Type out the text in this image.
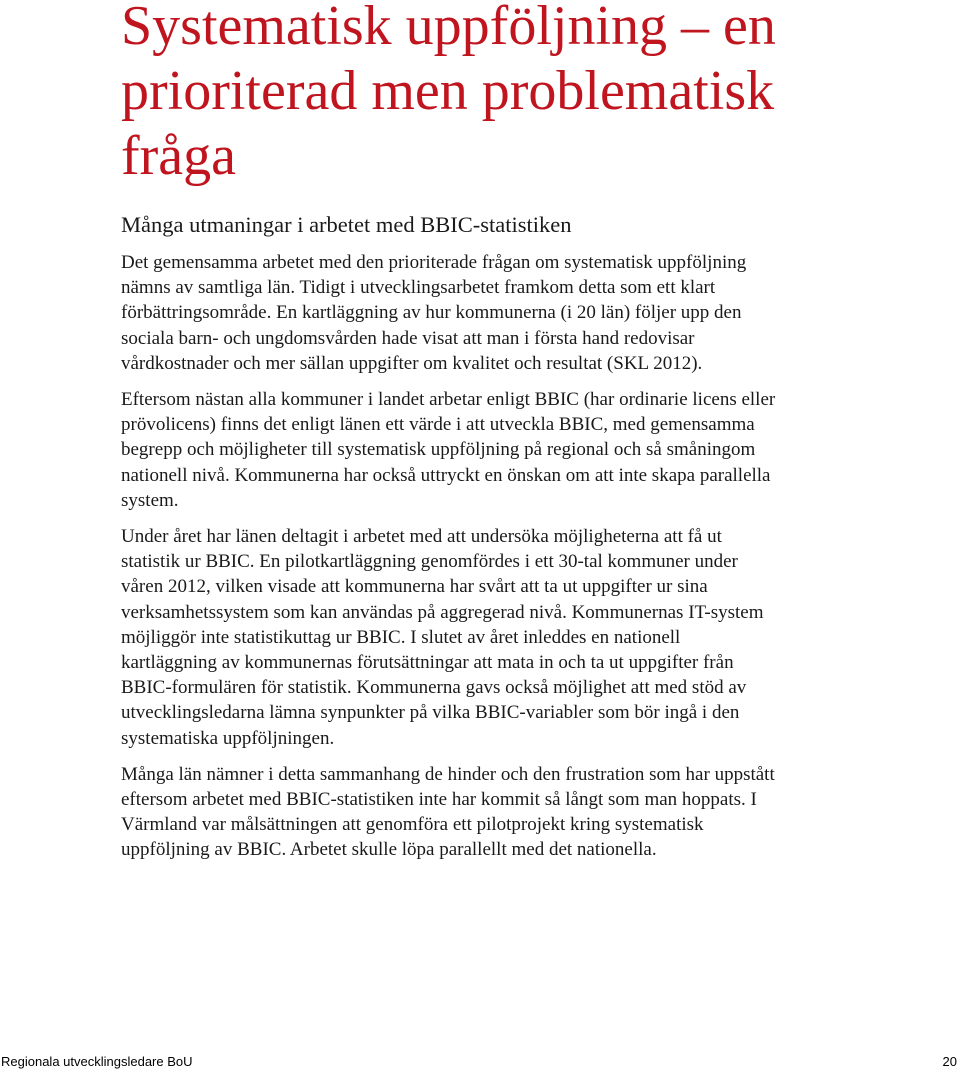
Systematisk uppföljning – en prioriterad men problematisk fråga
Många utmaningar i arbetet med BBIC-statistiken

Det gemensamma arbetet med den prioriterade frågan om systematisk uppföljning nämns av samtliga län. Tidigt i utvecklingsarbetet framkom detta som ett klart förbättringsområde. En kartläggning av hur kommunerna (i 20 län) följer upp den sociala barn- och ungdomsvården hade visat att man i första hand redovisar vårdkostnader och mer sällan uppgifter om kvalitet och resultat (SKL 2012).

Eftersom nästan alla kommuner i landet arbetar enligt BBIC (har ordinarie licens eller prövolicens) finns det enligt länen ett värde i att utveckla BBIC, med gemensamma begrepp och möjligheter till systematisk uppföljning på regional och så småningom nationell nivå. Kommunerna har också uttryckt en önskan om att inte skapa parallella system.

Under året har länen deltagit i arbetet med att undersöka möjligheterna att få ut statistik ur BBIC. En pilotkartläggning genomfördes i ett 30-tal kommuner under våren 2012, vilken visade att kommunerna har svårt att ta ut uppgifter ur sina verksamhetssystem som kan användas på aggregerad nivå. Kommunernas IT-system möjliggör inte statistikuttag ur BBIC. I slutet av året inleddes en nationell kartläggning av kommunernas förutsättningar att mata in och ta ut uppgifter från BBIC-formulären för statistik. Kommunerna gavs också möjlighet att med stöd av utvecklingsledarna lämna synpunkter på vilka BBIC-variabler som bör ingå i den systematiska uppföljningen.

Många län nämner i detta sammanhang de hinder och den frustration som har uppstått eftersom arbetet med BBIC-statistiken inte har kommit så långt som man hoppats. I Värmland var målsättningen att genomföra ett pilotprojekt kring systematisk uppföljning av BBIC. Arbetet skulle löpa parallellt med det nationella.

Regionala utvecklingsledare BoU	20
